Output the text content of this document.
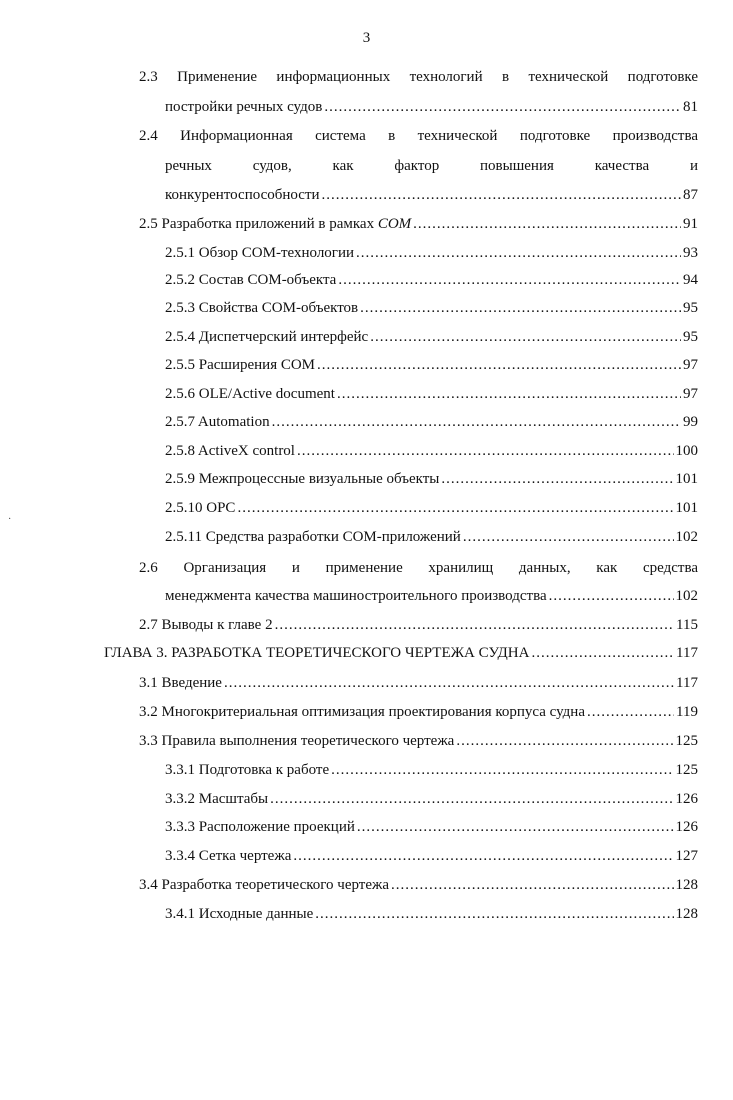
3
2.3 Применение информационных технологий в технической подготовке
постройки речных судов .....	81
2.4 Информационная система в технической подготовке производства
речных	судов,	как	фактор	повышения	качества	и
конкурентоспособности .....	87
2.5 Разработка приложений в рамках COM .....	91
2.5.1 Обзор COM-технологии .....	93
2.5.2 Состав COM-объекта .....	94
2.5.3 Свойства COM-объектов .....	95
2.5.4 Диспетчерский интерфейс .....	95
2.5.5 Расширения COM .....	97
2.5.6 OLE/Active document .....	97
2.5.7 Automation .....	99
2.5.8 ActiveX control .....	100
2.5.9 Межпроцессные визуальные объекты .....	101
2.5.10 OPC .....	101
2.5.11 Средства разработки COM-приложений .....	102
2.6 Организация и применение хранилищ данных, как средства
менеджмента качества машиностроительного производства .....	102
2.7 Выводы к главе 2 .....	115
ГЛАВА 3. РАЗРАБОТКА ТЕОРЕТИЧЕСКОГО ЧЕРТЕЖА СУДНА .....	117
3.1 Введение .....	117
3.2 Многокритериальная оптимизация проектирования корпуса судна .....	119
3.3 Правила выполнения теоретического чертежа .....	125
3.3.1 Подготовка к работе .....	125
3.3.2 Масштабы .....	126
3.3.3 Расположение проекций .....	126
3.3.4 Сетка чертежа .....	127
3.4 Разработка теоретического чертежа .....	128
3.4.1 Исходные данные .....	128
·
